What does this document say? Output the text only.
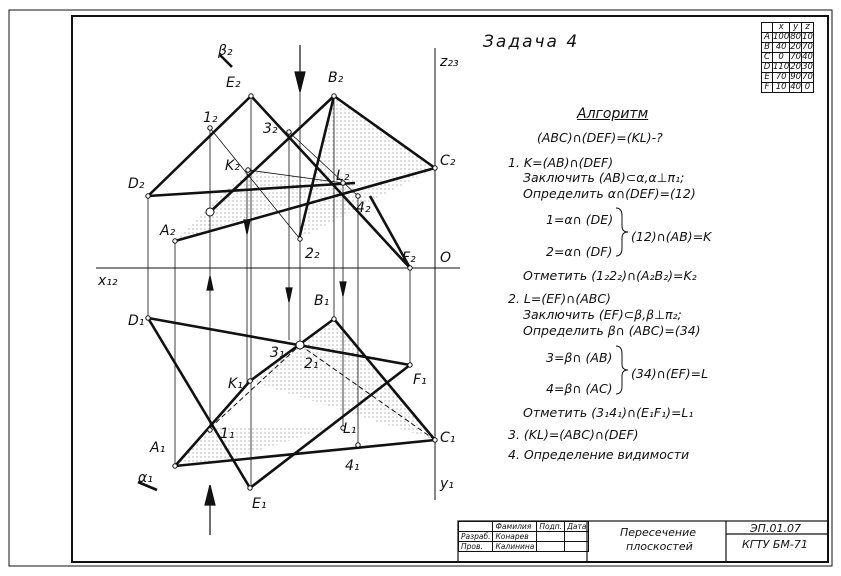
β₂
E₂	B₂
C₂
D₂
A₂
F₂
K₂
L₂
1₂
2₂
3₂
4₂
z₂₃
O
x₁₂
B₁
D₁
3₁
2₁
F₁
K₁
L₁
1₁	C₁
A₁
4₁
α₁	y₁
E₁
Задача 4
	x	y	z
A	100	80	10
B	40	20	70
C	0	70	40
D	110	20	30
E	70	90	70
F	10	40	0
Алгоритм
(ABC)∩(DEF)=(KL)-?
1. K=(AB)∩(DEF)
Заключить (AB)⊂α,α⊥π₁;
Определить α∩(DEF)=(12)
1=α∩ (DE)
2=α∩ (DF)
(12)∩(AB)=K
Отметить (1₂2₂)∩(A₂B₂)=K₂
2. L=(EF)∩(ABC)
Заключить (EF)⊂β,β⊥π₂;
Определить β∩ (ABC)=(34)
3=β∩ (AB)
4=β∩ (AC)
(34)∩(EF)=L
Отметить (3₁4₁)∩(E₁F₁)=L₁
3. (KL)=(ABC)∩(DEF)
4. Определение видимости
	Фамилия	Подп.	Дата
Разраб.	Конарев		
Пров.	Калинина		
Пересечение
плоскостей
ЭП.01.07
КГТУ БМ-71
